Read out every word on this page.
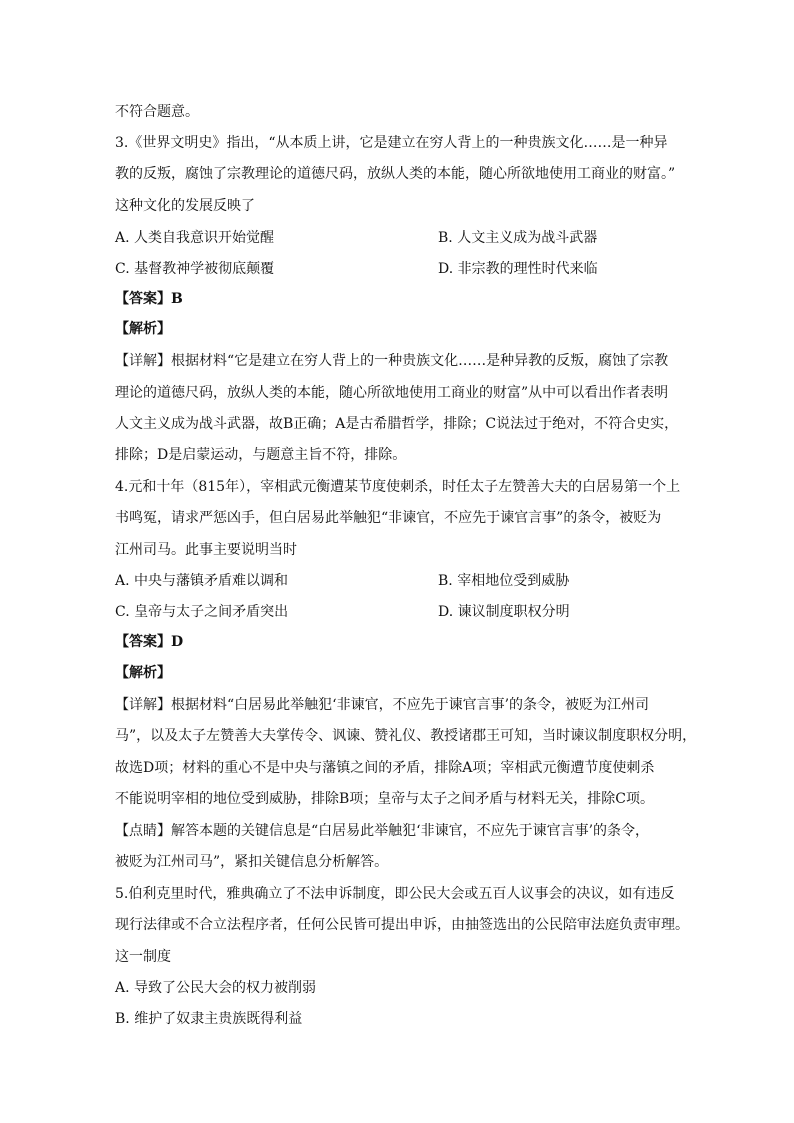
不符合题意。
3.《世界文明史》指出，“从本质上讲，它是建立在穷人背上的一种贵族文化……是一种异
教的反叛，腐蚀了宗教理论的道德尺码，放纵人类的本能，随心所欲地使用工商业的财富。”
这种文化的发展反映了
A. 人类自我意识开始觉醒	B. 人文主义成为战斗武器
C. 基督教神学被彻底颠覆	D. 非宗教的理性时代来临
【答案】B
【解析】
【详解】根据材料“它是建立在穷人背上的一种贵族文化……是种异教的反叛，腐蚀了宗教
理论的道德尺码，放纵人类的本能，随心所欲地使用工商业的财富”从中可以看出作者表明
人文主义成为战斗武器，故B正确；A是古希腊哲学，排除；C说法过于绝对，不符合史实，
排除；D是启蒙运动，与题意主旨不符，排除。
4.元和十年（815年），宰相武元衡遭某节度使刺杀，时任太子左赞善大夫的白居易第一个上
书鸣冤，请求严惩凶手，但白居易此举触犯“非谏官，不应先于谏官言事”的条令，被贬为
江州司马。此事主要说明当时
A. 中央与藩镇矛盾难以调和	B. 宰相地位受到威胁
C. 皇帝与太子之间矛盾突出	D. 谏议制度职权分明
【答案】D
【解析】
【详解】根据材料“白居易此举触犯‘非谏官，不应先于谏官言事’的条令，被贬为江州司
马”，以及太子左赞善大夫掌传令、讽谏、赞礼仪、教授诸郡王可知，当时谏议制度职权分明，
故选D项；材料的重心不是中央与藩镇之间的矛盾，排除A项；宰相武元衡遭节度使刺杀
不能说明宰相的地位受到威胁，排除B项；皇帝与太子之间矛盾与材料无关，排除C项。
【点睛】解答本题的关键信息是“白居易此举触犯‘非谏官，不应先于谏官言事’的条令，
被贬为江州司马”，紧扣关键信息分析解答。
5.伯利克里时代，雅典确立了不法申诉制度，即公民大会或五百人议事会的决议，如有违反
现行法律或不合立法程序者，任何公民皆可提出申诉，由抽签选出的公民陪审法庭负责审理。
这一制度
A. 导致了公民大会的权力被削弱
B. 维护了奴隶主贵族既得利益
